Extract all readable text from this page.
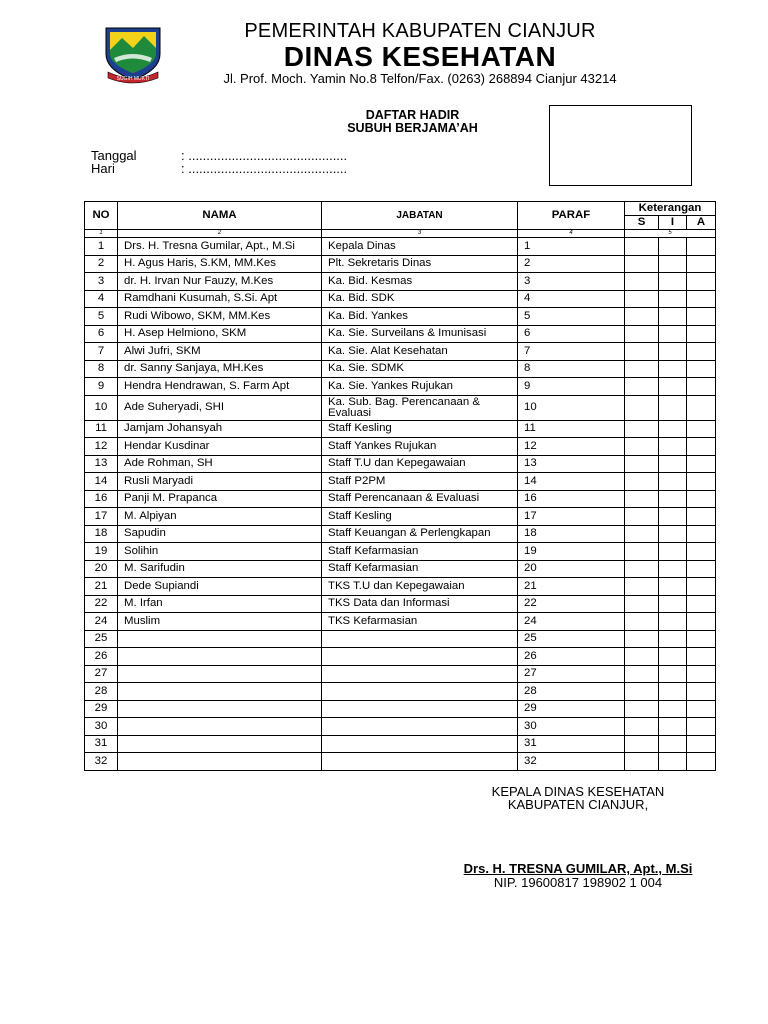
SUGIH MUKTI
PEMERINTAH KABUPATEN CIANJUR
DINAS KESEHATAN
Jl. Prof. Moch. Yamin No.8 Telfon/Fax. (0263) 268894 Cianjur 43214
DAFTAR HADIR
SUBUH BERJAMA’AH
Tanggal	: ............................................
Hari	: ............................................
NO	NAMA	JABATAN	PARAF	Keterangan		
				S	I	A
1	2	3	4	5		
1	Drs. H. Tresna Gumilar, Apt., M.Si	Kepala Dinas	1			
2	H. Agus Haris, S.KM, MM.Kes	Plt. Sekretaris Dinas	2			
3	dr. H. Irvan Nur Fauzy, M.Kes	Ka. Bid. Kesmas	3			
4	Ramdhani Kusumah, S.Si. Apt	Ka. Bid. SDK	4			
5	Rudi Wibowo, SKM, MM.Kes	Ka. Bid. Yankes	5			
6	H. Asep Helmiono, SKM	Ka. Sie. Surveilans & Imunisasi	6			
7	Alwi Jufri, SKM	Ka. Sie. Alat Kesehatan	7			
8	dr. Sanny Sanjaya, MH.Kes	Ka. Sie. SDMK	8			
9	Hendra Hendrawan, S. Farm Apt	Ka. Sie. Yankes Rujukan	9			
10	Ade Suheryadi, SHI	Ka. Sub. Bag. Perencanaan & Evaluasi	10			
11	Jamjam Johansyah	Staff Kesling	11			
12	Hendar Kusdinar	Staff Yankes Rujukan	12			
13	Ade Rohman, SH	Staff T.U dan Kepegawaian	13			
14	Rusli Maryadi	Staff P2PM	14			
16	Panji M. Prapanca	Staff Perencanaan & Evaluasi	16			
17	M. Alpiyan	Staff Kesling	17			
18	Sapudin	Staff Keuangan & Perlengkapan	18			
19	Solihin	Staff Kefarmasian	19			
20	M. Sarifudin	Staff Kefarmasian	20			
21	Dede Supiandi	TKS T.U dan Kepegawaian	21			
22	M. Irfan	TKS Data dan Informasi	22			
24	Muslim	TKS Kefarmasian	24			
25			25			
26			26			
27			27			
28			28			
29			29			
30			30			
31			31			
32			32			
KEPALA DINAS KESEHATAN
KABUPATEN CIANJUR,
Drs. H. TRESNA GUMILAR, Apt., M.Si
NIP. 19600817 198902 1 004
